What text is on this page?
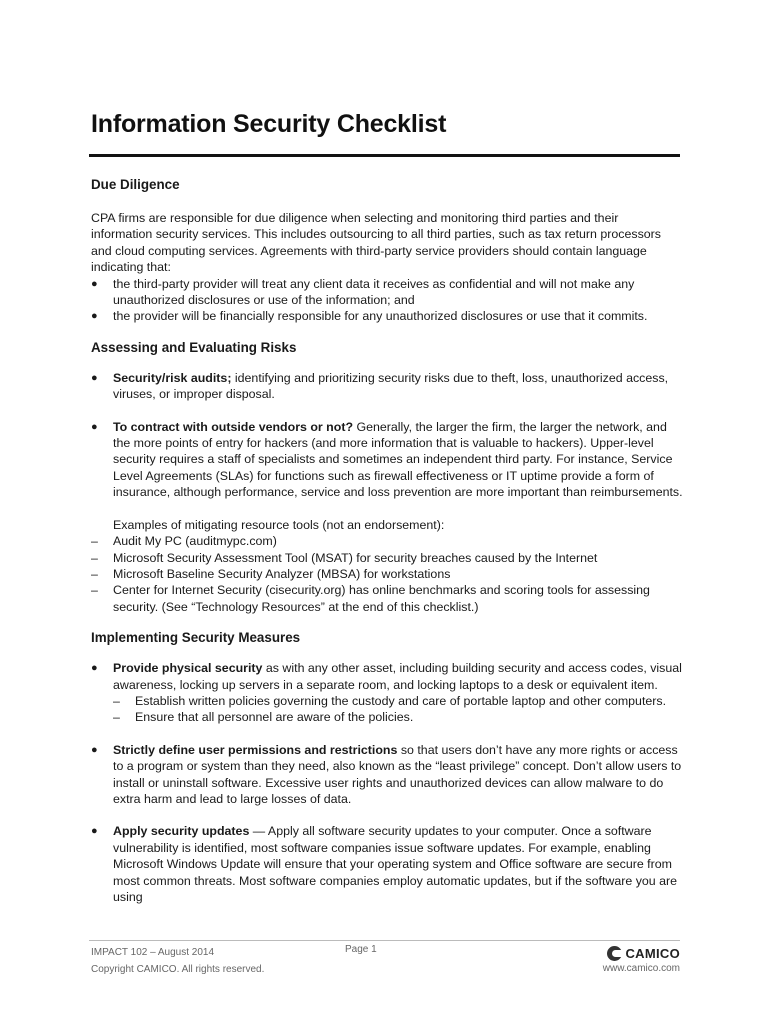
Information Security Checklist
Due Diligence

CPA firms are responsible for due diligence when selecting and monitoring third parties and their information security services. This includes outsourcing to all third parties, such as tax return processors and cloud computing services. Agreements with third-party service providers should contain language indicating that:

● the third-party provider will treat any client data it receives as confidential and will not make any unauthorized disclosures or use of the information; and
● the provider will be financially responsible for any unauthorized disclosures or use that it commits.
Assessing and Evaluating Risks
● Security/risk audits; identifying and prioritizing security risks due to theft, loss, unauthorized access, viruses, or improper disposal.
● To contract with outside vendors or not? Generally, the larger the firm, the larger the network, and the more points of entry for hackers (and more information that is valuable to hackers). Upper-level security requires a staff of specialists and sometimes an independent third party. For instance, Service Level Agreements (SLAs) for functions such as firewall effectiveness or IT uptime provide a form of insurance, although performance, service and loss prevention are more important than reimbursements.

Examples of mitigating resource tools (not an endorsement):

– Audit My PC (auditmypc.com)
– Microsoft Security Assessment Tool (MSAT) for security breaches caused by the Internet
– Microsoft Baseline Security Analyzer (MBSA) for workstations
– Center for Internet Security (cisecurity.org) has online benchmarks and scoring tools for assessing security. (See “Technology Resources” at the end of this checklist.)
Implementing Security Measures
● Provide physical security as with any other asset, including building security and access codes, visual awareness, locking up servers in a separate room, and locking laptops to a desk or equivalent item.
– Establish written policies governing the custody and care of portable laptop and other computers.
– Ensure that all personnel are aware of the policies.
● Strictly define user permissions and restrictions so that users don’t have any more rights or access to a program or system than they need, also known as the “least privilege” concept. Don’t allow users to install or uninstall software. Excessive user rights and unauthorized devices can allow malware to do extra harm and lead to large losses of data.
● Apply security updates — Apply all software security updates to your computer. Once a software vulnerability is identified, most software companies issue software updates. For example, enabling Microsoft Windows Update will ensure that your operating system and Office software are secure from most common threats. Most software companies employ automatic updates, but if the software you are using
IMPACT 102 – August 2014
Copyright CAMICO. All rights reserved.
Page 1	CAMICO
www.camico.com
